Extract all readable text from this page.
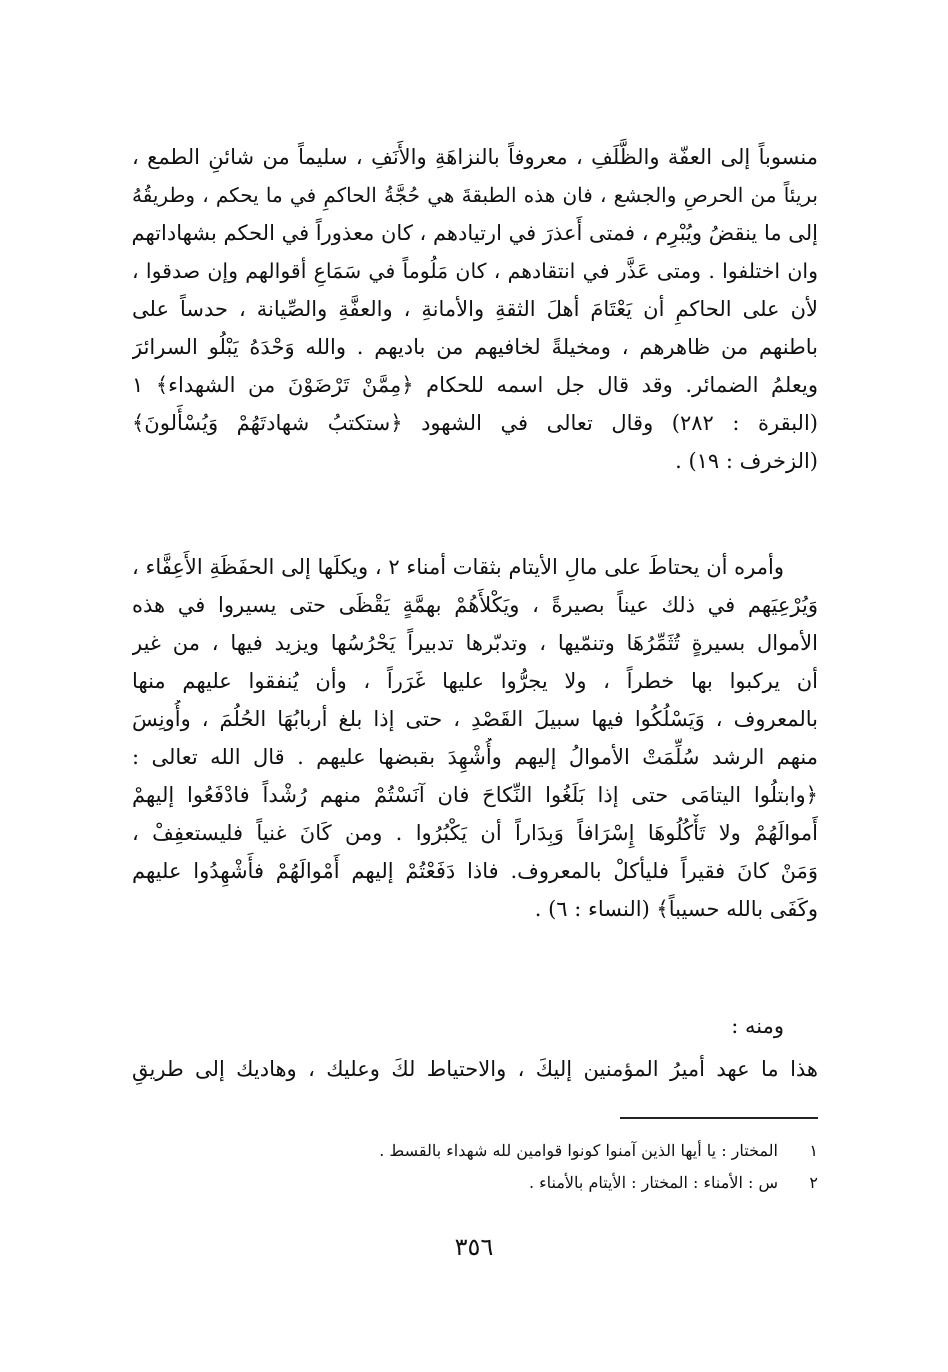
منسوباً إلى العفّة والظَّلَفِ ، معروفاً بالنزاهَةِ والأَنَفِ ، سليماً من شائنِ الطمع ،
بريئاً من الحرصِ والجشع ، فان هذه الطبقةَ هي حُجَّةُ الحاكمِ في ما يحكم ، وطريقُهُ
إلى ما ينقضُ ويُبْرِم ، فمتى أَعذرَ في ارتيادهم ، كان معذوراً في الحكم بشهاداتهم
وان اختلفوا . ومتى عَذَّر في انتقادهم ، كان مَلُوماً في سَمَاعِ أقوالهم وإن صدقوا ،
لأن على الحاكمِ أن يَعْتَامَ أهلَ الثقةِ والأمانةِ ، والعفَّةِ والصِّيانة ، حدساً على
باطنهم من ظاهرهم ، ومخيلةً لخافيهم من باديهم . والله وَحْدَهُ يَبْلُو السرائرَ
ويعلمُ الضمائر. وقد قال جل اسمه للحكام ﴿مِمَّنْ تَرْضَوْنَ من الشهداء﴾ ١
(البقرة : ٢٨٢) وقال تعالى في الشهود ﴿ستكتبُ شهادتَهُمْ وَيُسْأَلونَ﴾
(الزخرف : ١٩) .
وأمره أن يحتاطَ على مالِ الأيتام بثقات أمناء ٢ ، ويكلَها إلى الحفَظَةِ الأَعِفَّاء ،
وَيُرْعِيَهم في ذلك عيناً بصيرةً ، ويَكْلأَهُمْ بهمَّةٍ يَقْظَى حتى يسيروا في هذه
الأموال بسيرةٍ تُثَمِّرُهَا وتنمّيها ، وتدبّرها تدبيراً يَحْرُسُها ويزيد فيها ، من غير
أن يركبوا بها خطراً ، ولا يجرُّوا عليها غَرَراً ، وأن يُنفقوا عليهم منها
بالمعروف ، وَيَسْلُكُوا فيها سبيلَ القَصْدِ ، حتى إذا بلغ أربابُهَا الحُلُمَ ، وأُونِسَ
منهم الرشد سُلِّمَتْ الأموالُ إليهم وأُشْهِدَ بقبضها عليهم . قال الله تعالى :
﴿وابتلُوا اليتامَى حتى إذا بَلَغُوا النِّكاحَ فان آنَسْتُمْ منهم رُشْداً فادْفَعُوا إليهمْ
أَموالَهُمْ ولا تَأْكُلُوهَا إِسْرَافاً وَبِدَاراً أن يَكْبُرُوا . ومن كَانَ غنياً فليستعفِفْ ،
وَمَنْ كانَ فقيراً فليأكلْ بالمعروف. فاذا دَفَعْتُمْ إليهم أَمْوالَهُمْ فأَشْهِدُوا عليهم
وكَفَى بالله حسيباً﴾ (النساء : ٦) .
ومنه :
هذا ما عهد أميرُ المؤمنين إليكَ ، والاحتياط لكَ وعليك ، وهاديك إلى طريقِ
١المختار : يا أيها الذين آمنوا كونوا قوامين لله شهداء بالقسط .
٢س : الأمناء : المختار : الأيتام بالأمناء .
٣٥٦
